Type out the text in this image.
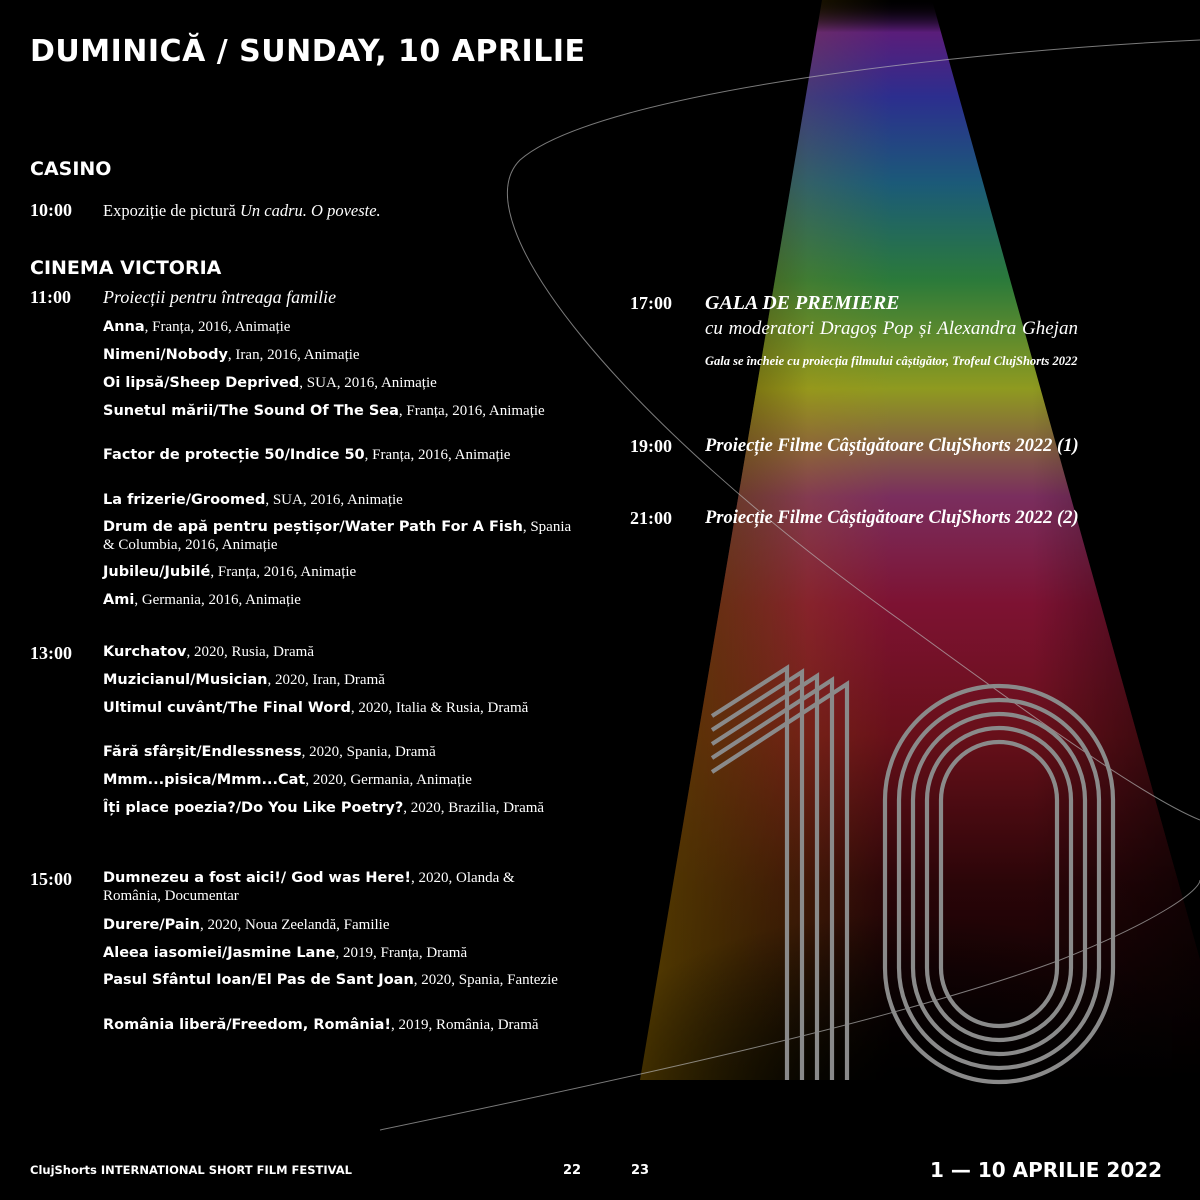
DUMINICĂ / SUNDAY, 10 APRILIE
CASINO
10:00 Expoziție de pictură Un cadru. O poveste.
CINEMA VICTORIA
11:00 Proiecții pentru întreaga familie
Anna, Franța, 2016, Animație
Nimeni/Nobody, Iran, 2016, Animație
Oi lipsă/Sheep Deprived, SUA, 2016, Animație
Sunetul mării/The Sound Of The Sea, Franța, 2016, Animație
Factor de protecție 50/Indice 50, Franța, 2016, Animație
La frizerie/Groomed, SUA, 2016, Animație
Drum de apă pentru peștișor/Water Path For A Fish, Spania & Columbia, 2016, Animație
Jubileu/Jubilé, Franța, 2016, Animație
Ami, Germania, 2016, Animație
13:00 Kurchatov, 2020, Rusia, Dramă
Muzicianul/Musician, 2020, Iran, Dramă
Ultimul cuvânt/The Final Word, 2020, Italia & Rusia, Dramă
Fără sfârșit/Endlessness, 2020, Spania, Dramă
Mmm...pisica/Mmm...Cat, 2020, Germania, Animație
Îți place poezia?/Do You Like Poetry?, 2020, Brazilia, Dramă
15:00 Dumnezeu a fost aici!/ God was Here!, 2020, Olanda & România, Documentar
Durere/Pain, 2020, Noua Zeelandă, Familie
Aleea iasomiei/Jasmine Lane, 2019, Franța, Dramă
Pasul Sfântul Ioan/El Pas de Sant Joan, 2020, Spania, Fantezie
România liberă/Freedom, România!, 2019, România, Dramă
17:00 GALA DE PREMIERE
cu moderatori Dragoș Pop și Alexandra Ghejan
Gala se încheie cu proiecția filmului câștigător, Trofeul ClujShorts 2022
19:00 Proiecție Filme Câștigătoare ClujShorts 2022 (1)
21:00 Proiecție Filme Câștigătoare ClujShorts 2022 (2)
ClujShorts INTERNATIONAL SHORT FILM FESTIVAL	22	23	1 — 10 APRILIE 2022
